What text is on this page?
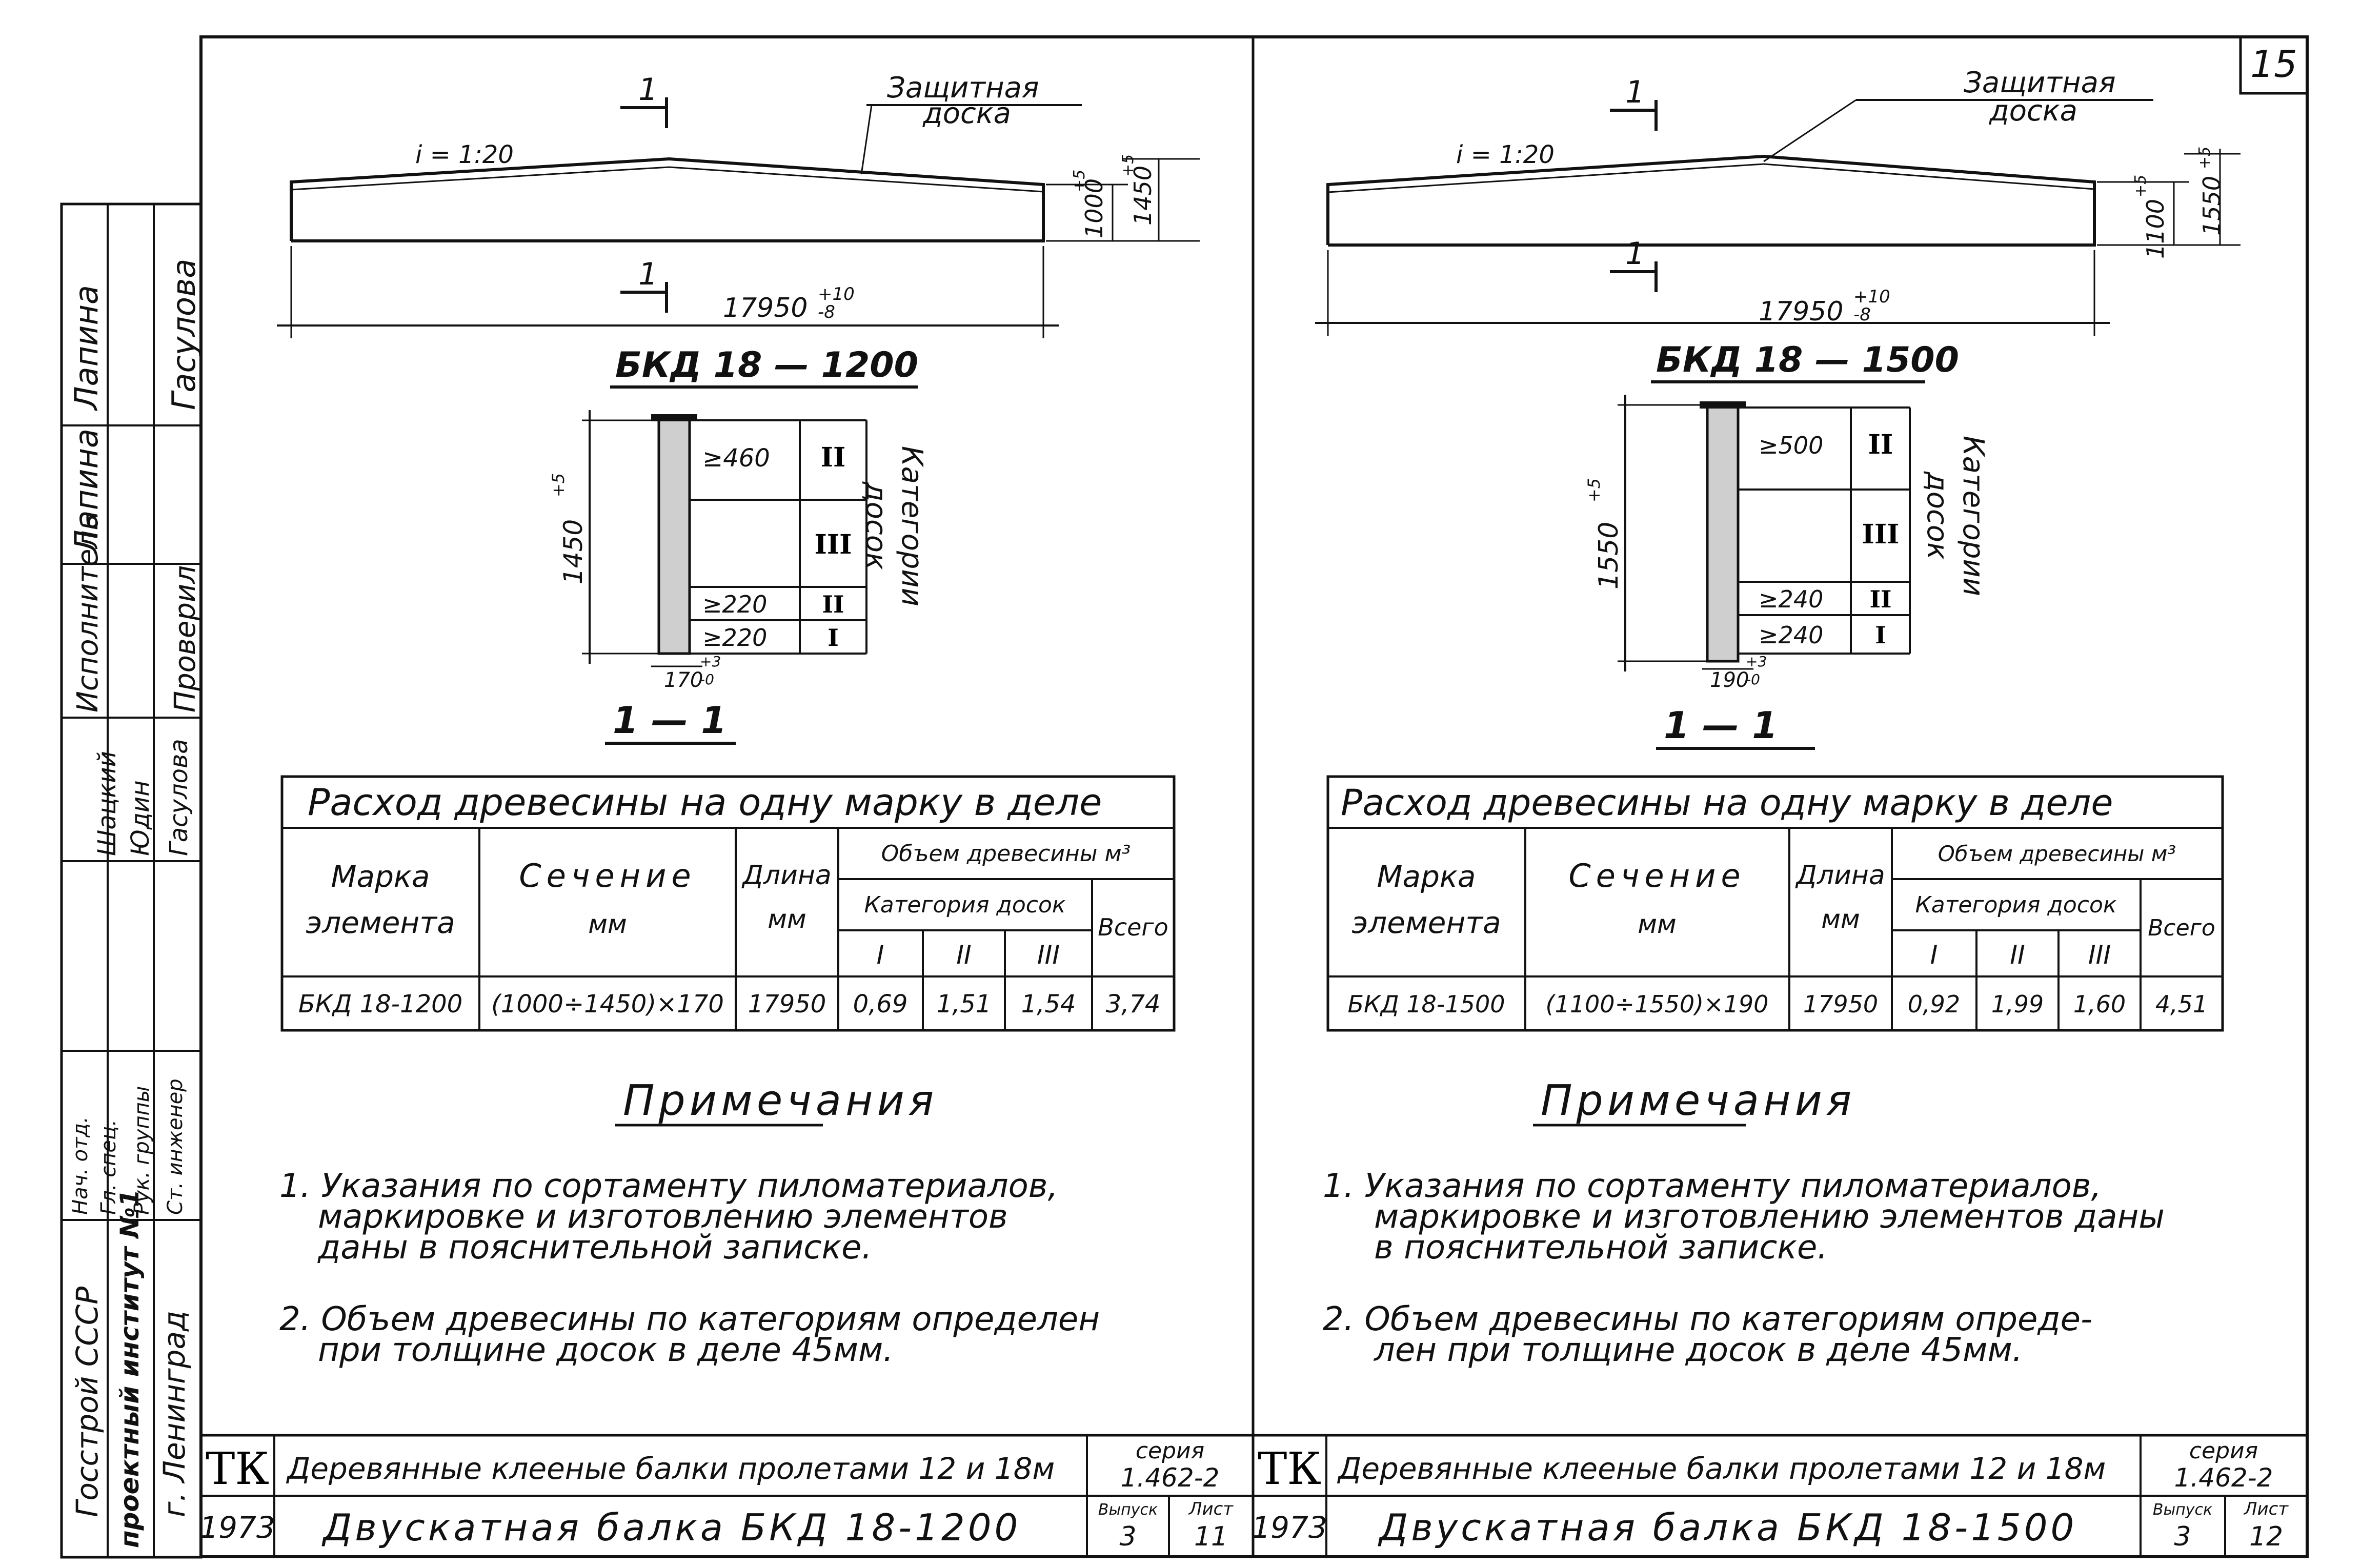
15
Лапина
Лапина
Гасулова
Исполнитель Проверил
Шацкий Юдин Гасулова
Нач. отд. Гл. спец. Рук. группы Ст. инженер
Госстрой СССР проектный институт №1 г. Ленинград
i = 1:20
Защитная
доска
1
1
17950 +10
-8
1000
+5 1450
+5
БКД 18 — 1200
≥460 II
III
≥220 II
≥220	I
1450
+5
170
+3
-0
Категории
досок
1 — 1
Расход древесины на одну марку в деле
Марка
элемента
Сечение
мм
Длина
мм
Объем древесины м³
Категория досок
Всего
I	II	III
БКД 18-1200 (1000÷1450)×170 17950 0,69 1,51 1,54 3,74
Примечания
1. Указания по сортаменту пиломатериалов,
маркировке и изготовлению элементов
даны в пояснительной записке.
2. Объем древесины по категориям определен
при толщине досок в деле 45мм.
ТК
1973
Деревянные клееные балки пролетами 12 и 18м
Двускатная балка БКД 18-1200
серия
1.462-2
Выпуск
3
Лист
11
i = 1:20
Защитная
доска
1
1
17950 +10
-8
1100
+5 1550
+5
БКД 18 — 1500
≥500 II
III
≥240 II
≥240 I
1550
+5
190
+3
-0
Категории
досок
1 — 1
Расход древесины на одну марку в деле
Марка
элемента
Сечение
мм
Длина
мм
Объем древесины м³
Категория досок
Всего
I	II III
БКД 18-1500 (1100÷1550)×190 17950 0,92 1,99 1,60 4,51
Примечания
1. Указания по сортаменту пиломатериалов,
маркировке и изготовлению элементов даны
в пояснительной записке.
2. Объем древесины по категориям опреде-
лен при толщине досок в деле 45мм.
ТК
1973
Деревянные клееные балки пролетами 12 и 18м
Двускатная балка БКД 18-1500
серия
1.462-2
Выпуск
3
Лист
12
